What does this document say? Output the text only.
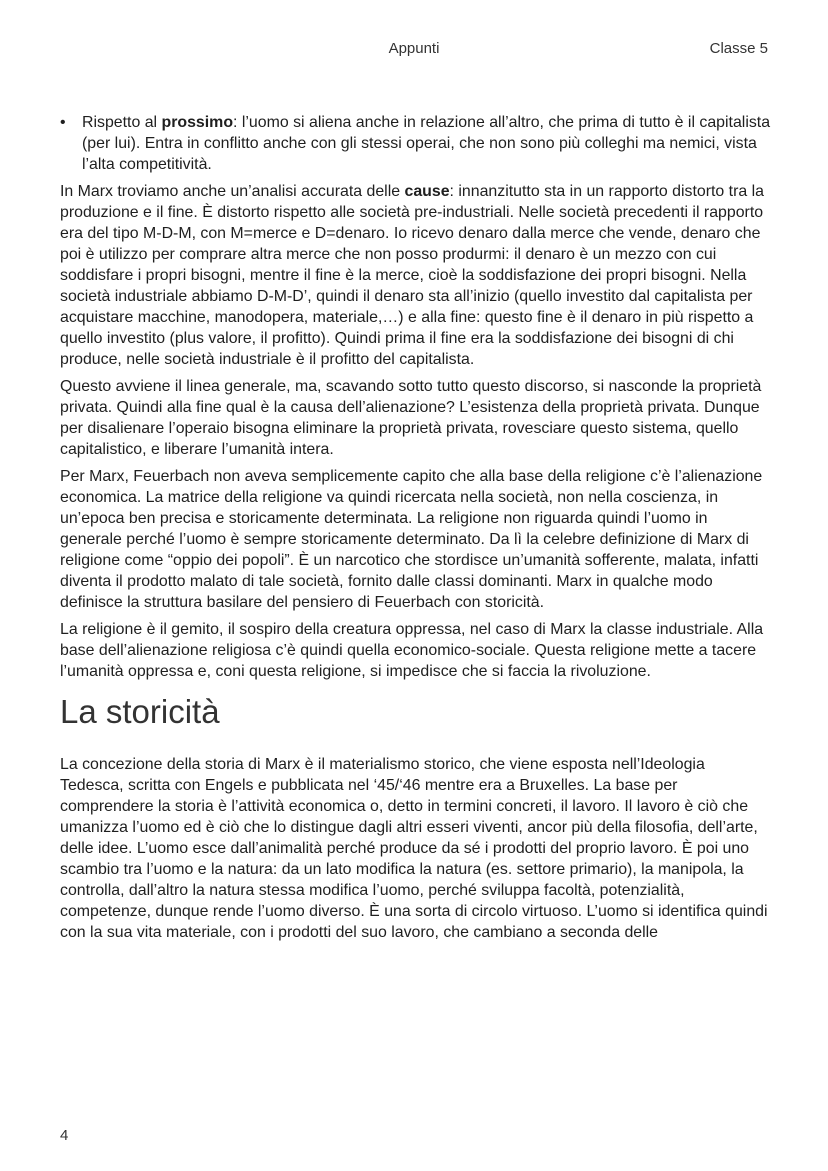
Appunti	Classe 5
• Rispetto al prossimo: l’uomo si aliena anche in relazione all’altro, che prima di tutto è il capitalista (per lui). Entra in conflitto anche con gli stessi operai, che non sono più colleghi ma nemici, vista l’alta competitività.

In Marx troviamo anche un’analisi accurata delle cause: innanzitutto sta in un rapporto distorto tra la produzione e il fine. È distorto rispetto alle società pre-industriali. Nelle società precedenti il rapporto era del tipo M-D-M, con M=merce e D=denaro. Io ricevo denaro dalla merce che vende, denaro che poi è utilizzo per comprare altra merce che non posso produrmi: il denaro è un mezzo con cui soddisfare i propri bisogni, mentre il fine è la merce, cioè la soddisfazione dei propri bisogni. Nella società industriale abbiamo D-M-D’, quindi il denaro sta all’inizio (quello investito dal capitalista per acquistare macchine, manodopera, materiale,…) e alla fine: questo fine è il denaro in più rispetto a quello investito (plus valore, il profitto). Quindi prima il fine era la soddisfazione dei bisogni di chi produce, nelle società industriale è il profitto del capitalista.

Questo avviene il linea generale, ma, scavando sotto tutto questo discorso, si nasconde la proprietà privata. Quindi alla fine qual è la causa dell’alienazione? L’esistenza della proprietà privata. Dunque per disalienare l’operaio bisogna eliminare la proprietà privata, rovesciare questo sistema, quello capitalistico, e liberare l’umanità intera.

Per Marx, Feuerbach non aveva semplicemente capito che alla base della religione c’è l’alienazione economica. La matrice della religione va quindi ricercata nella società, non nella coscienza, in un’epoca ben precisa e storicamente determinata. La religione non riguarda quindi l’uomo in generale perché l’uomo è sempre storicamente determinato. Da lì la celebre definizione di Marx di religione come “oppio dei popoli”. È un narcotico che stordisce un’umanità sofferente, malata, infatti diventa il prodotto malato di tale società, fornito dalle classi dominanti. Marx in qualche modo definisce la struttura basilare del pensiero di Feuerbach con storicità.

La religione è il gemito, il sospiro della creatura oppressa, nel caso di Marx la classe industriale. Alla base dell’alienazione religiosa c’è quindi quella economico-sociale. Questa religione mette a tacere l’umanità oppressa e, coni questa religione, si impedisce che si faccia la rivoluzione.

La storicità

La concezione della storia di Marx è il materialismo storico, che viene esposta nell’Ideologia Tedesca, scritta con Engels e pubblicata nel ‘45/‘46 mentre era a Bruxelles. La base per comprendere la storia è l’attività economica o, detto in termini concreti, il lavoro. Il lavoro è ciò che umanizza l’uomo ed è ciò che lo distingue dagli altri esseri viventi, ancor più della filosofia, dell’arte, delle idee. L’uomo esce dall’animalità perché produce da sé i prodotti del proprio lavoro. È poi uno scambio tra l’uomo e la natura: da un lato modifica la natura (es. settore primario), la manipola, la controlla, dall’altro la natura stessa modifica l’uomo, perché sviluppa facoltà, potenzialità, competenze, dunque rende l’uomo diverso. È una sorta di circolo virtuoso. L’uomo si identifica quindi con la sua vita materiale, con i prodotti del suo lavoro, che cambiano a seconda delle

4
